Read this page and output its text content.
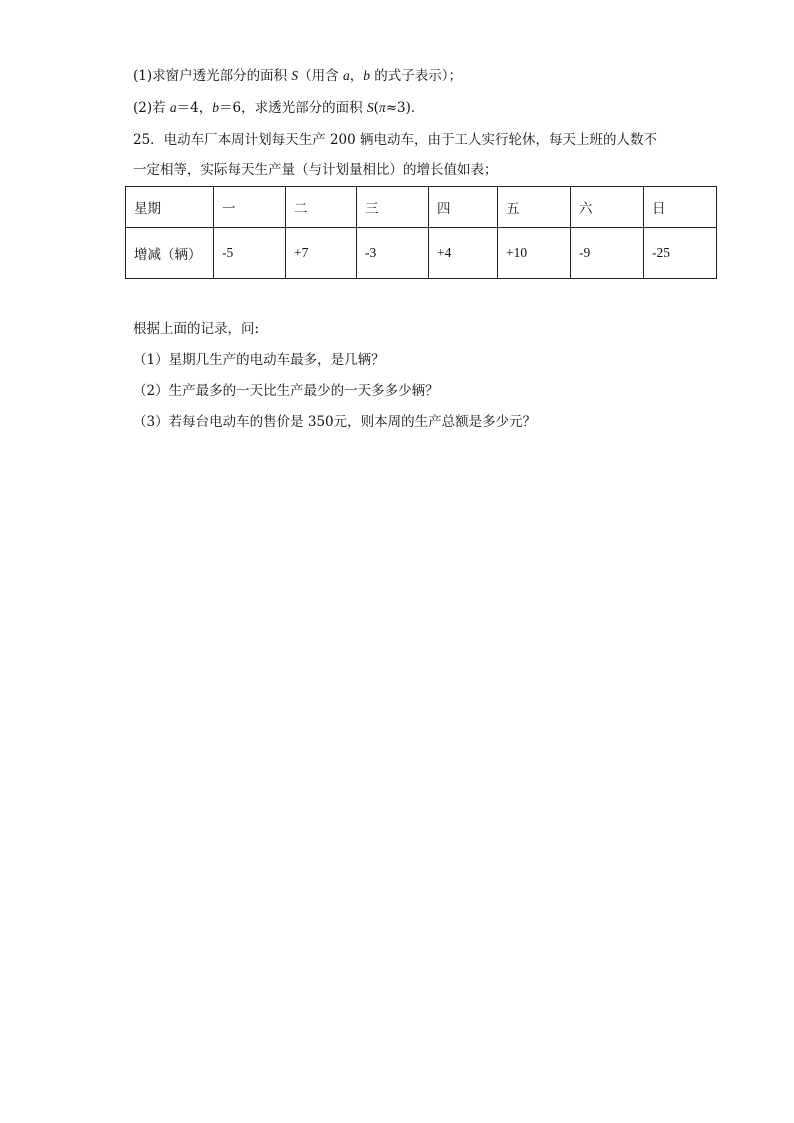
(1)求窗户透光部分的面积 S（用含 a，b 的式子表示）；
(2)若 a＝4，b＝6，求透光部分的面积 S(π≈3)．
25．电动车厂本周计划每天生产 200 辆电动车，由于工人实行轮休，每天上班的人数不
一定相等，实际每天生产量（与计划量相比）的增长值如表；
星期	一	二	三	四	五	六	日
增减（辆）	-5	+7	-3	+4	+10	-9	-25
根据上面的记录，问:
（1）星期几生产的电动车最多，是几辆？
（2）生产最多的一天比生产最少的一天多多少辆？
（3）若每台电动车的售价是 350元，则本周的生产总额是多少元？
